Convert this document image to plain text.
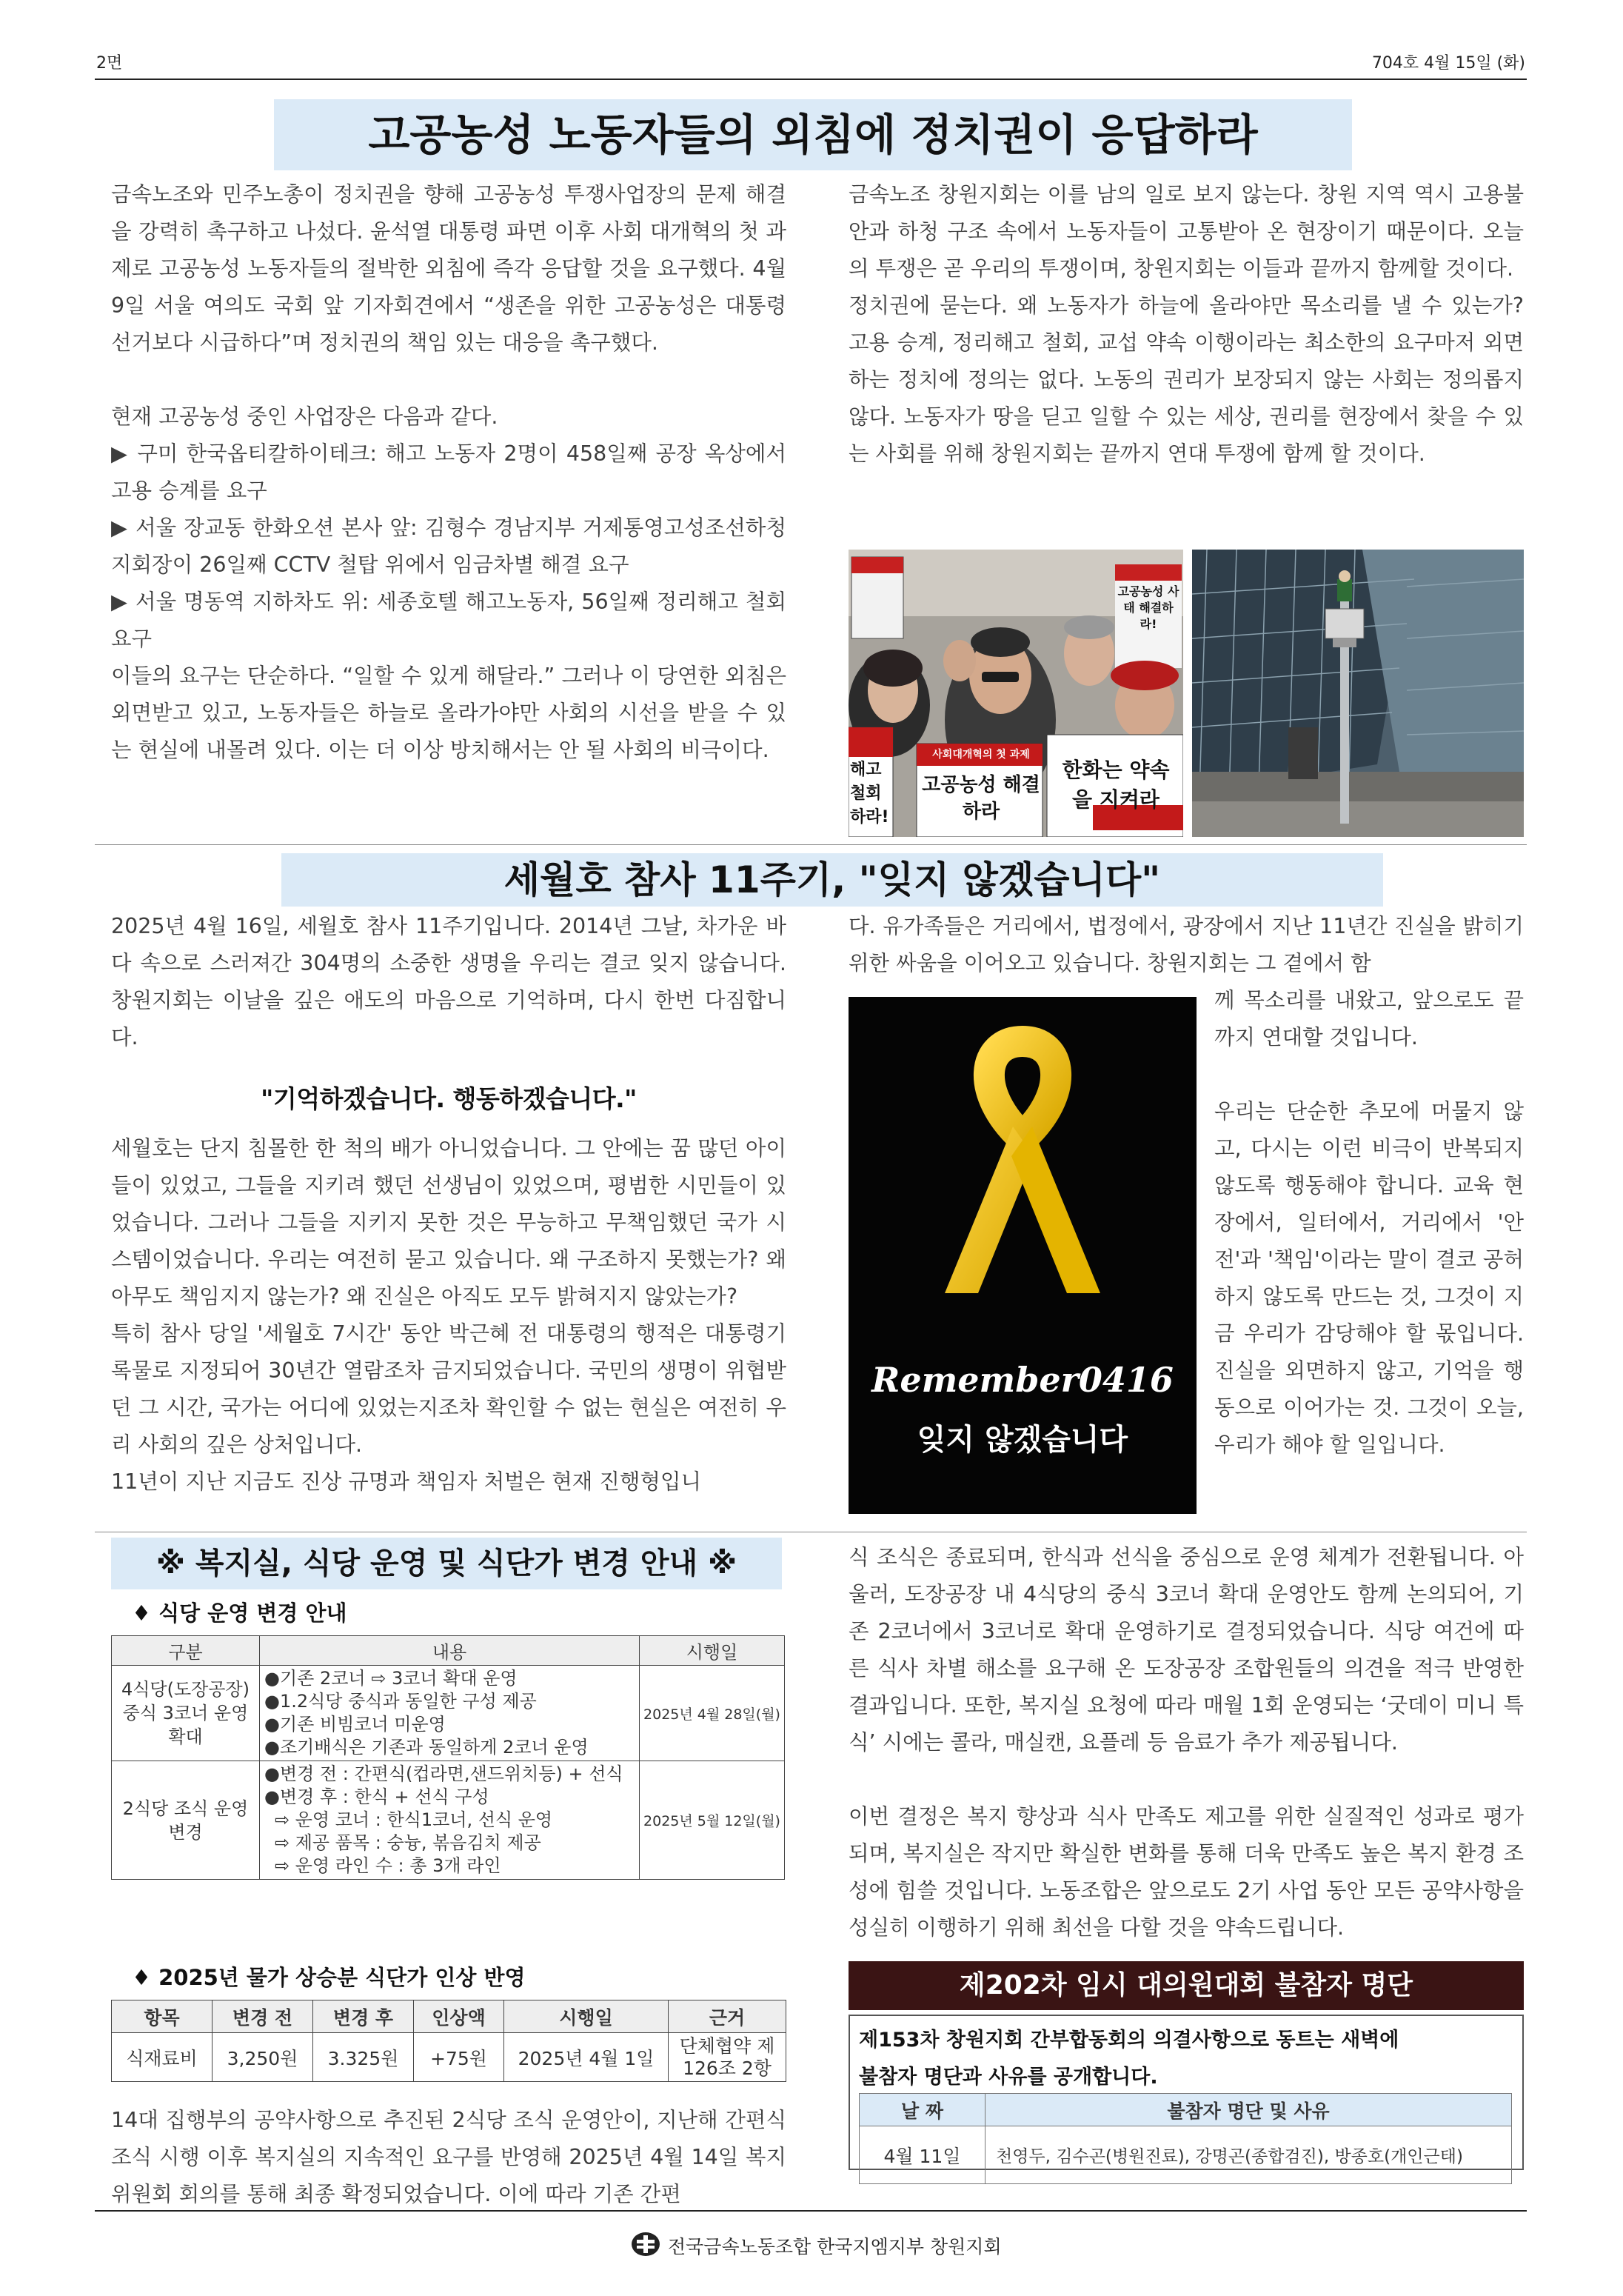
2면	704호 4월 15일 (화)
고공농성 노동자들의 외침에 정치권이 응답하라

금속노조와 민주노총이 정치권을 향해 고공농성 투쟁사업장의 문제 해결을 강력히 촉구하고 나섰다. 윤석열 대통령 파면 이후 사회 대개혁의 첫 과제로 고공농성 노동자들의 절박한 외침에 즉각 응답할 것을 요구했다. 4월 9일 서울 여의도 국회 앞 기자회견에서 “생존을 위한 고공농성은 대통령 선거보다 시급하다”며 정치권의 책임 있는 대응을 촉구했다.

현재 고공농성 중인 사업장은 다음과 같다.

▶ 구미 한국옵티칼하이테크: 해고 노동자 2명이 458일째 공장 옥상에서 고용 승계를 요구

▶ 서울 장교동 한화오션 본사 앞: 김형수 경남지부 거제통영고성조선하청지회장이 26일째 CCTV 철탑 위에서 임금차별 해결 요구

▶ 서울 명동역 지하차도 위: 세종호텔 해고노동자, 56일째 정리해고 철회 요구

이들의 요구는 단순하다. “일할 수 있게 해달라.” 그러나 이 당연한 외침은 외면받고 있고, 노동자들은 하늘로 올라가야만 사회의 시선을 받을 수 있는 현실에 내몰려 있다. 이는 더 이상 방치해서는 안 될 사회의 비극이다.

금속노조 창원지회는 이를 남의 일로 보지 않는다. 창원 지역 역시 고용불안과 하청 구조 속에서 노동자들이 고통받아 온 현장이기 때문이다. 오늘의 투쟁은 곧 우리의 투쟁이며, 창원지회는 이들과 끝까지 함께할 것이다.

정치권에 묻는다. 왜 노동자가 하늘에 올라야만 목소리를 낼 수 있는가? 고용 승계, 정리해고 철회, 교섭 약속 이행이라는 최소한의 요구마저 외면하는 정치에 정의는 없다. 노동의 권리가 보장되지 않는 사회는 정의롭지 않다. 노동자가 땅을 딛고 일할 수 있는 세상, 권리를 현장에서 찾을 수 있는 사회를 위해 창원지회는 끝까지 연대 투쟁에 함께 할 것이다.

사회대개혁의 첫 과제
고공농성 해결하라
해고 철회하라!
한화는 약속을 지켜라
고공농성 사태 해결하라!
세월호 참사 11주기, "잊지 않겠습니다"
2025년 4월 16일, 세월호 참사 11주기입니다. 2014년 그날, 차가운 바다 속으로 스러져간 304명의 소중한 생명을 우리는 결코 잊지 않습니다. 창원지회는 이날을 깊은 애도의 마음으로 기억하며, 다시 한번 다짐합니다.
"기억하겠습니다. 행동하겠습니다."

세월호는 단지 침몰한 한 척의 배가 아니었습니다. 그 안에는 꿈 많던 아이들이 있었고, 그들을 지키려 했던 선생님이 있었으며, 평범한 시민들이 있었습니다. 그러나 그들을 지키지 못한 것은 무능하고 무책임했던 국가 시스템이었습니다. 우리는 여전히 묻고 있습니다. 왜 구조하지 못했는가? 왜 아무도 책임지지 않는가? 왜 진실은 아직도 모두 밝혀지지 않았는가?

특히 참사 당일 '세월호 7시간' 동안 박근혜 전 대통령의 행적은 대통령기록물로 지정되어 30년간 열람조차 금지되었습니다. 국민의 생명이 위협받던 그 시간, 국가는 어디에 있었는지조차 확인할 수 없는 현실은 여전히 우리 사회의 깊은 상처입니다.

11년이 지난 지금도 진상 규명과 책임자 처벌은 현재 진행형입니

다. 유가족들은 거리에서, 법정에서, 광장에서 지난 11년간 진실을 밝히기 위한 싸움을 이어오고 있습니다. 창원지회는 그 곁에서 함
Remember0416
잊지 않겠습니다
께 목소리를 내왔고, 앞으로도 끝까지 연대할 것입니다.
우리는 단순한 추모에 머물지 않고, 다시는 이런 비극이 반복되지 않도록 행동해야 합니다. 교육 현장에서, 일터에서, 거리에서 '안전'과 '책임'이라는 말이 결코 공허하지 않도록 만드는 것, 그것이 지금 우리가 감당해야 할 몫입니다. 진실을 외면하지 않고, 기억을 행동으로 이어가는 것. 그것이 오늘, 우리가 해야 할 일입니다.
※ 복지실, 식당 운영 및 식단가 변경 안내 ※
♦ 식당 운영 변경 안내
구분	내용	시행일
4식당(도장공장) 중식 3코너 운영 확대	●기존 2코너 ⇨ 3코너 확대 운영
●1.2식당 중식과 동일한 구성 제공
●기존 비빔코너 미운영
●조기배식은 기존과 동일하게 2코너 운영	2025년 4월 28일(월)
2식당 조식 운영 변경	●변경 전 : 간편식(컵라면,샌드위치등) + 선식
●변경 후 : 한식 + 선식 구성
⇨ 운영 코너 : 한식1코너, 선식 운영
⇨ 제공 품목 : 숭늉, 볶음김치 제공
⇨ 운영 라인 수 : 총 3개 라인	2025년 5월 12일(월)
♦ 2025년 물가 상승분 식단가 인상 반영
항목	변경 전	변경 후	인상액	시행일	근거
식재료비	3,250원	3.325원	+75원	2025년 4월 1일	단체협약 제126조 2항
14대 집행부의 공약사항으로 추진된 2식당 조식 운영안이, 지난해 간편식 조식 시행 이후 복지실의 지속적인 요구를 반영해 2025년 4월 14일 복지위원회 회의를 통해 최종 확정되었습니다. 이에 따라 기존 간편

식 조식은 종료되며, 한식과 선식을 중심으로 운영 체계가 전환됩니다. 아울러, 도장공장 내 4식당의 중식 3코너 확대 운영안도 함께 논의되어, 기존 2코너에서 3코너로 확대 운영하기로 결정되었습니다. 식당 여건에 따른 식사 차별 해소를 요구해 온 도장공장 조합원들의 의견을 적극 반영한 결과입니다. 또한, 복지실 요청에 따라 매월 1회 운영되는 ‘굿데이 미니 특식’ 시에는 콜라, 매실캔, 요플레 등 음료가 추가 제공됩니다.

이번 결정은 복지 향상과 식사 만족도 제고를 위한 실질적인 성과로 평가되며, 복지실은 작지만 확실한 변화를 통해 더욱 만족도 높은 복지 환경 조성에 힘쓸 것입니다. 노동조합은 앞으로도 2기 사업 동안 모든 공약사항을 성실히 이행하기 위해 최선을 다할 것을 약속드립니다.

제202차 임시 대의원대회 불참자 명단
제153차 창원지회 간부합동회의 의결사항으로 동트는 새벽에
불참자 명단과 사유를 공개합니다.
날 짜	불참자 명단 및 사유
4월 11일	천영두, 김수곤(병원진료), 강명곤(종합검진), 방종호(개인근태)
전국금속노동조합 한국지엠지부 창원지회
